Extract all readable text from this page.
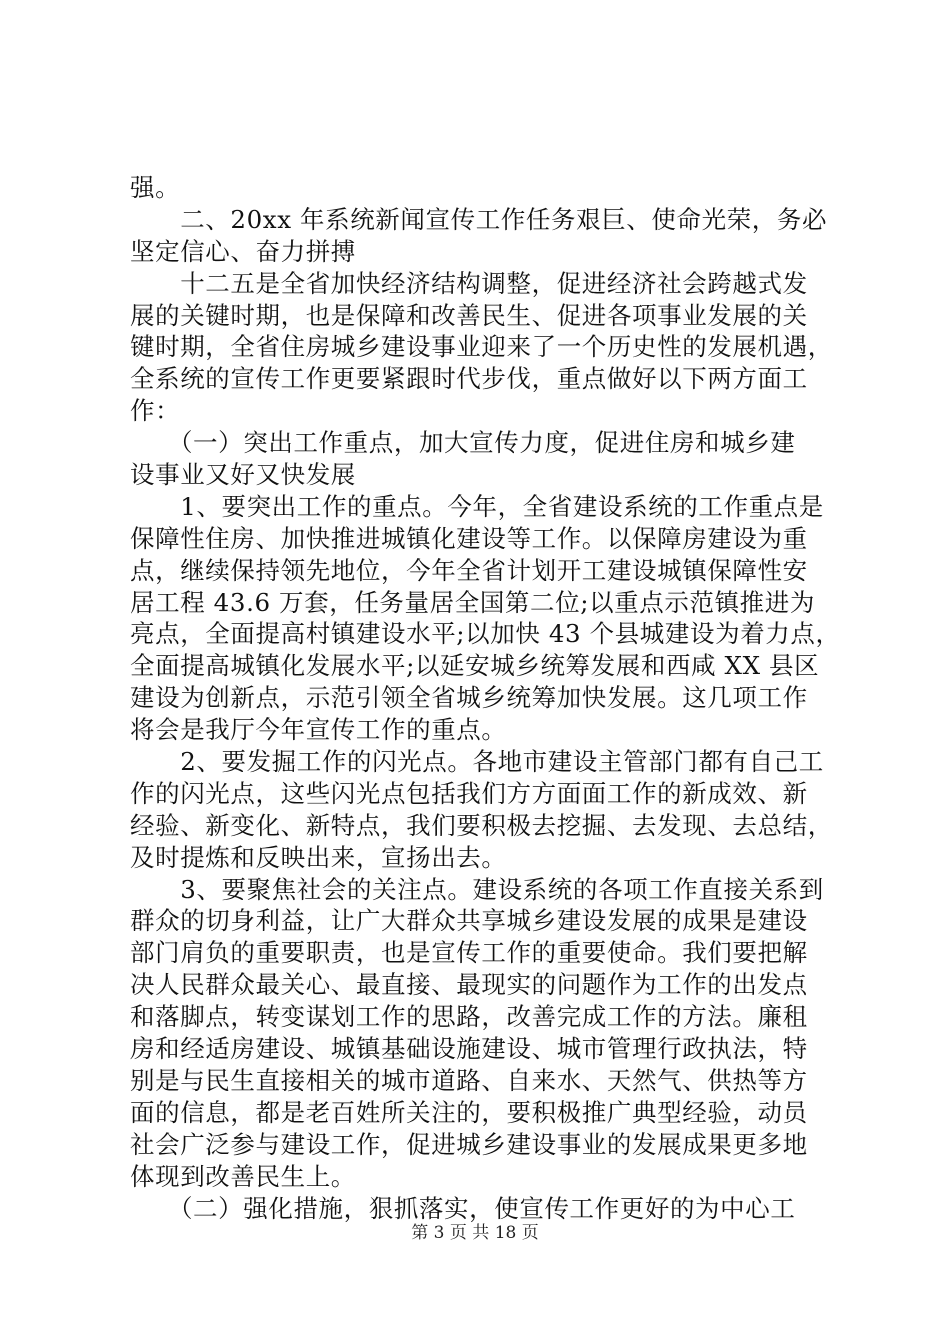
强。
　　二、20xx 年系统新闻宣传工作任务艰巨、使命光荣，务必
坚定信心、奋力拼搏
　　十二五是全省加快经济结构调整，促进经济社会跨越式发
展的关键时期，也是保障和改善民生、促进各项事业发展的关
键时期，全省住房城乡建设事业迎来了一个历史性的发展机遇，
全系统的宣传工作更要紧跟时代步伐，重点做好以下两方面工
作：
　　（一）突出工作重点，加大宣传力度，促进住房和城乡建
设事业又好又快发展
　　1、要突出工作的重点。今年，全省建设系统的工作重点是
保障性住房、加快推进城镇化建设等工作。以保障房建设为重
点，继续保持领先地位，今年全省计划开工建设城镇保障性安
居工程 43.6 万套，任务量居全国第二位;以重点示范镇推进为
亮点，全面提高村镇建设水平;以加快 43 个县城建设为着力点，
全面提高城镇化发展水平;以延安城乡统筹发展和西咸 XX 县区
建设为创新点，示范引领全省城乡统筹加快发展。这几项工作
将会是我厅今年宣传工作的重点。
　　2、要发掘工作的闪光点。各地市建设主管部门都有自己工
作的闪光点，这些闪光点包括我们方方面面工作的新成效、新
经验、新变化、新特点，我们要积极去挖掘、去发现、去总结，
及时提炼和反映出来，宣扬出去。
　　3、要聚焦社会的关注点。建设系统的各项工作直接关系到
群众的切身利益，让广大群众共享城乡建设发展的成果是建设
部门肩负的重要职责，也是宣传工作的重要使命。我们要把解
决人民群众最关心、最直接、最现实的问题作为工作的出发点
和落脚点，转变谋划工作的思路，改善完成工作的方法。廉租
房和经适房建设、城镇基础设施建设、城市管理行政执法，特
别是与民生直接相关的城市道路、自来水、天然气、供热等方
面的信息，都是老百姓所关注的，要积极推广典型经验，动员
社会广泛参与建设工作，促进城乡建设事业的发展成果更多地
体现到改善民生上。
　　（二）强化措施，狠抓落实，使宣传工作更好的为中心工
第 3 页 共 18 页
